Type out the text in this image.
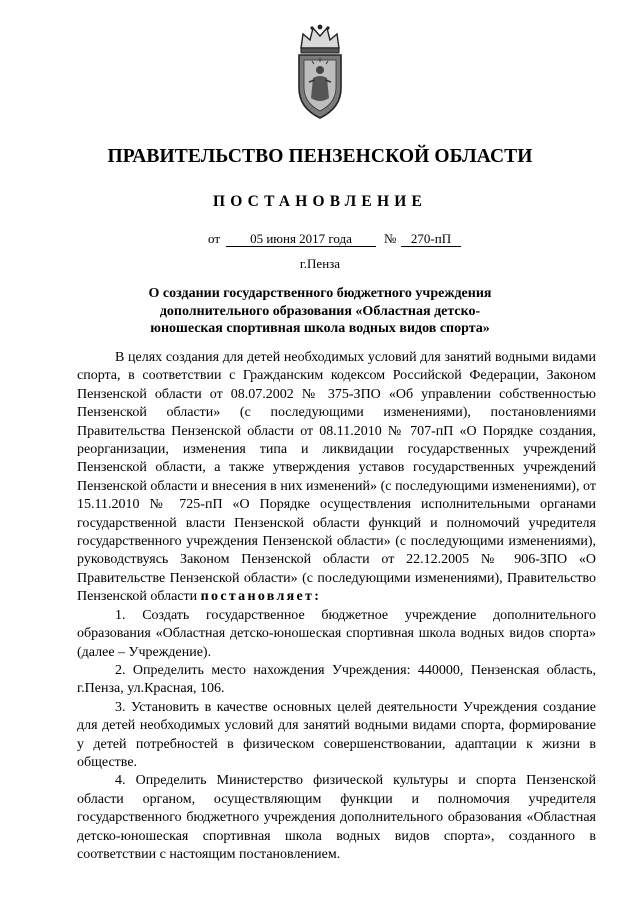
ПРАВИТЕЛЬСТВО ПЕНЗЕНСКОЙ ОБЛАСТИ
ПОСТАНОВЛЕНИЕ
от	05 июня 2017 года	№	270-пП
г.Пенза
О создании государственного бюджетного учреждения дополнительного образования «Областная детско-юношеская спортивная школа водных видов спорта»

В целях создания для детей необходимых условий для занятий водными видами спорта, в соответствии с Гражданским кодексом Российской Федерации, Законом Пензенской области от 08.07.2002 № 375-ЗПО «Об управлении собственностью Пензенской области» (с последующими изменениями), постановлениями Правительства Пензенской области от 08.11.2010 № 707-пП «О Порядке создания, реорганизации, изменения типа и ликвидации государственных учреждений Пензенской области, а также утверждения уставов государственных учреждений Пензенской области и внесения в них изменений» (с последующими изменениями), от 15.11.2010 № 725-пП «О Порядке осуществления исполнительными органами государственной власти Пензенской области функций и полномочий учредителя государственного учреждения Пензенской области» (с последующими изменениями), руководствуясь Законом Пензенской области от 22.12.2005 № 906-ЗПО «О Правительстве Пензенской области» (с последующими изменениями), Правительство Пензенской области постановляет:

1. Создать государственное бюджетное учреждение дополнительного образования «Областная детско-юношеская спортивная школа водных видов спорта» (далее – Учреждение).

2. Определить место нахождения Учреждения: 440000, Пензенская область, г.Пенза, ул.Красная, 106.

3. Установить в качестве основных целей деятельности Учреждения создание для детей необходимых условий для занятий водными видами спорта, формирование у детей потребностей в физическом совершенствовании, адаптации к жизни в обществе.

4. Определить Министерство физической культуры и спорта Пензенской области органом, осуществляющим функции и полномочия учредителя государственного бюджетного учреждения дополнительного образования «Областная детско-юношеская спортивная школа водных видов спорта», созданного в соответствии с настоящим постановлением.
